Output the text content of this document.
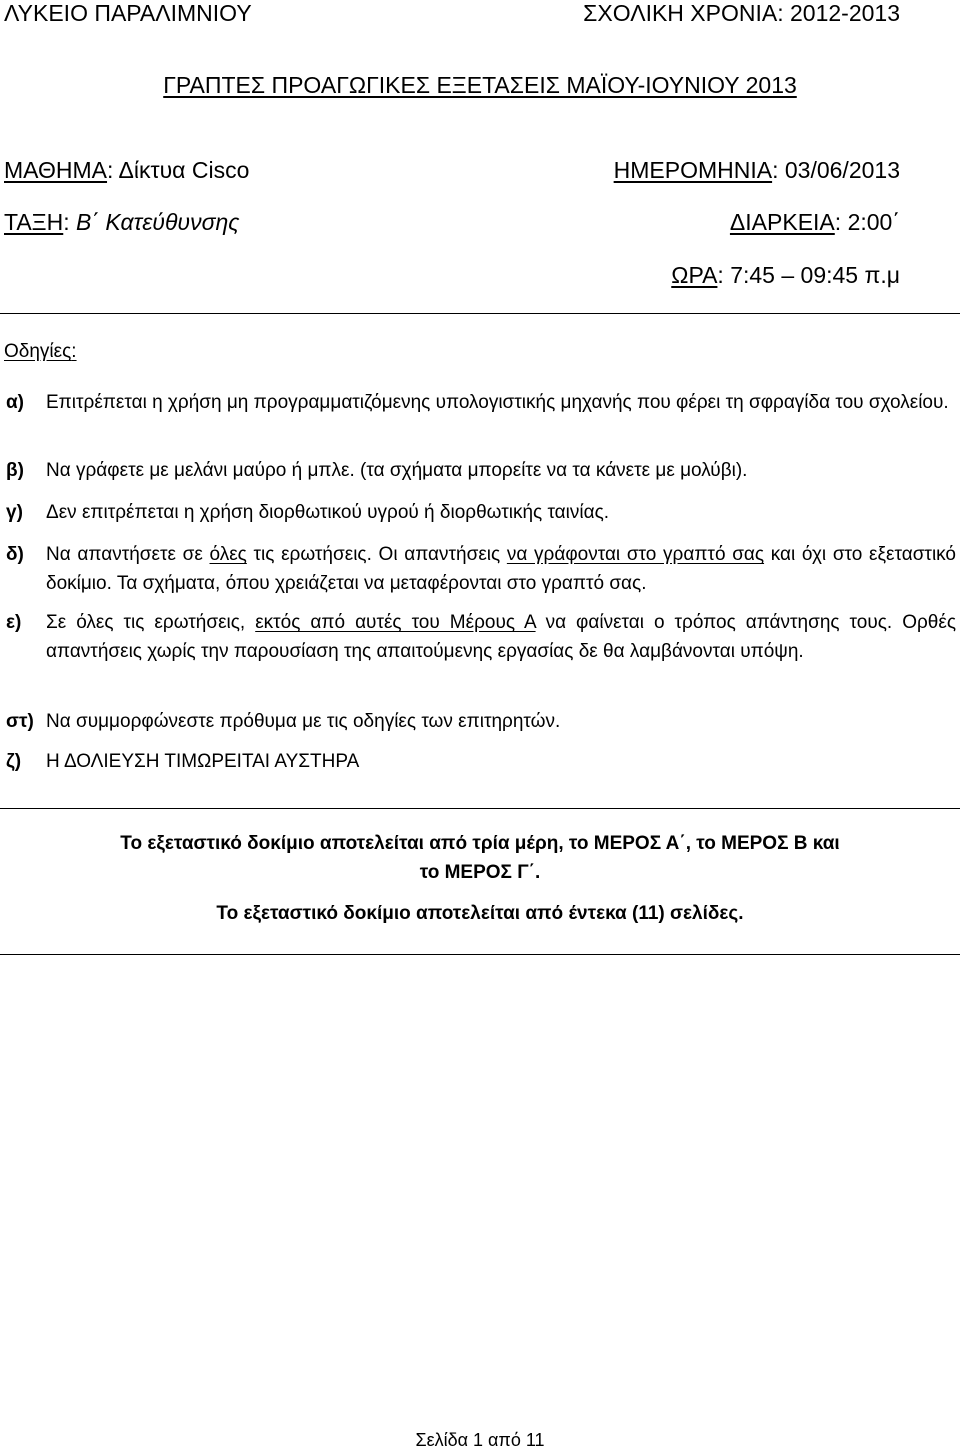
ΛΥΚΕΙΟ ΠΑΡΑΛΙΜΝΙΟΥ	ΣΧΟΛΙΚΗ ΧΡΟΝΙΑ: 2012-2013
ΓΡΑΠΤΕΣ ΠΡΟΑΓΩΓΙΚΕΣ ΕΞΕΤΑΣΕΙΣ ΜΑΪΟΥ-ΙΟΥΝΙΟΥ 2013
ΜΑΘΗΜΑ: Δίκτυα Cisco	ΗΜΕΡΟΜΗΝΙΑ: 03/06/2013
ΤΑΞΗ: Β΄ Κατεύθυνσης	ΔΙΑΡΚΕΙΑ: 2:00΄
ΩΡΑ: 7:45 – 09:45 π.μ
Οδηγίες:
α) Επιτρέπεται η χρήση μη προγραμματιζόμενης υπολογιστικής μηχανής που φέρει τη σφραγίδα του σχολείου.
β) Να γράφετε με μελάνι μαύρο ή μπλε. (τα σχήματα μπορείτε να τα κάνετε με μολύβι).
γ) Δεν επιτρέπεται η χρήση διορθωτικού υγρού ή διορθωτικής ταινίας.
δ) Να απαντήσετε σε όλες τις ερωτήσεις. Οι απαντήσεις να γράφονται στο γραπτό σας και όχι στο εξεταστικό δοκίμιο. Τα σχήματα, όπου χρειάζεται να μεταφέρονται στο γραπτό σας.
ε) Σε όλες τις ερωτήσεις, εκτός από αυτές του Μέρους Α να φαίνεται ο τρόπος απάντησης τους. Ορθές απαντήσεις χωρίς την παρουσίαση της απαιτούμενης εργασίας δε θα λαμβάνονται υπόψη.
στ) Να συμμορφώνεστε πρόθυμα με τις οδηγίες των επιτηρητών.
ζ) Η ΔΟΛΙΕΥΣΗ ΤΙΜΩΡΕΙΤΑΙ ΑΥΣΤΗΡΑ
Το εξεταστικό δοκίμιο αποτελείται από τρία μέρη, το ΜΕΡΟΣ Α΄, το ΜΕΡΟΣ Β και το ΜΕΡΟΣ Γ΄.
Το εξεταστικό δοκίμιο αποτελείται από έντεκα (11) σελίδες.
Σελίδα 1 από 11
